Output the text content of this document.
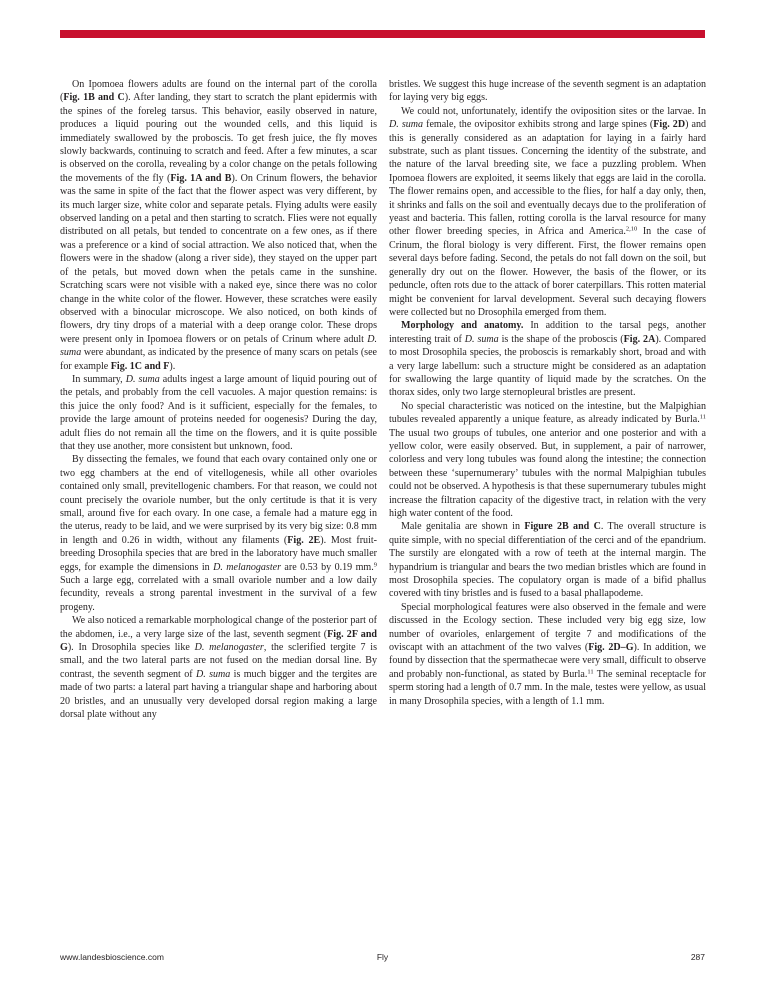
On Ipomoea flowers adults are found on the internal part of the corolla (Fig. 1B and C). After landing, they start to scratch the plant epidermis with the spines of the foreleg tarsus. This behavior, easily observed in nature, produces a liquid pouring out the wounded cells, and this liquid is immediately swallowed by the proboscis. To get fresh juice, the fly moves slowly backwards, continuing to scratch and feed. After a few minutes, a scar is observed on the corolla, revealing by a color change on the petals following the movements of the fly (Fig. 1A and B). On Crinum flowers, the behavior was the same in spite of the fact that the flower aspect was very different, by its much larger size, white color and separate petals. Flying adults were easily observed landing on a petal and then starting to scratch. Flies were not equally distributed on all petals, but tended to concentrate on a few ones, as if there was a preference or a kind of social attraction. We also noticed that, when the flowers were in the shadow (along a river side), they stayed on the upper part of the petals, but moved down when the petals came in the sunshine. Scratching scars were not visible with a naked eye, since there was no color change in the white color of the flower. However, these scratches were easily observed with a binocular microscope. We also noticed, on both kinds of flowers, dry tiny drops of a material with a deep orange color. These drops were present only in Ipomoea flowers or on petals of Crinum where adult D. suma were abundant, as indicated by the presence of many scars on petals (see for example Fig. 1C and F).

In summary, D. suma adults ingest a large amount of liquid pouring out of the petals, and probably from the cell vacuoles. A major question remains: is this juice the only food? And is it sufficient, especially for the females, to provide the large amount of proteins needed for oogenesis? During the day, adult flies do not remain all the time on the flowers, and it is quite possible that they use another, more consistent but unknown, food.

By dissecting the females, we found that each ovary contained only one or two egg chambers at the end of vitellogenesis, while all other ovarioles contained only small, previtellogenic chambers. For that reason, we could not count precisely the ovariole number, but the only certitude is that it is very small, around five for each ovary. In one case, a female had a mature egg in the uterus, ready to be laid, and we were surprised by its very big size: 0.8 mm in length and 0.26 in width, without any filaments (Fig. 2E). Most fruit-breeding Drosophila species that are bred in the laboratory have much smaller eggs, for example the dimensions in D. melanogaster are 0.53 by 0.19 mm.$^9$ Such a large egg, correlated with a small ovariole number and a low daily fecundity, reveals a strong parental investment in the survival of a few progeny.

We also noticed a remarkable morphological change of the posterior part of the abdomen, i.e., a very large size of the last, seventh segment (Fig. 2F and G). In Drosophila species like D. melanogaster, the sclerified tergite 7 is small, and the two lateral parts are not fused on the median dorsal line. By contrast, the seventh segment of D. suma is much bigger and the tergites are made of two parts: a lateral part having a triangular shape and harboring about 20 bristles, and an unusually very developed dorsal region making a large dorsal plate without any

bristles. We suggest this huge increase of the seventh segment is an adaptation for laying very big eggs.

We could not, unfortunately, identify the oviposition sites or the larvae. In D. suma female, the ovipositor exhibits strong and large spines (Fig. 2D) and this is generally considered as an adaptation for laying in a fairly hard substrate, such as plant tissues. Concerning the identity of the substrate, and the nature of the larval breeding site, we face a puzzling problem. When Ipomoea flowers are exploited, it seems likely that eggs are laid in the corolla. The flower remains open, and accessible to the flies, for half a day only, then, it shrinks and falls on the soil and eventually decays due to the proliferation of yeast and bacteria. This fallen, rotting corolla is the larval resource for many other flower breeding species, in Africa and America.$^{2,10}$ In the case of Crinum, the floral biology is very different. First, the flower remains open several days before fading. Second, the petals do not fall down on the soil, but generally dry out on the flower. However, the basis of the flower, or its peduncle, often rots due to the attack of borer caterpillars. This rotten material might be convenient for larval development. Several such decaying flowers were collected but no Drosophila emerged from them.

Morphology and anatomy. In addition to the tarsal pegs, another interesting trait of D. suma is the shape of the proboscis (Fig. 2A). Compared to most Drosophila species, the proboscis is remarkably short, broad and with a very large labellum: such a structure might be considered as an adaptation for swallowing the large quantity of liquid made by the scratches. On the thorax sides, only two large sternopleural bristles are present.

No special characteristic was noticed on the intestine, but the Malpighian tubules revealed apparently a unique feature, as already indicated by Burla.$^{11}$ The usual two groups of tubules, one anterior and one posterior and with a yellow color, were easily observed. But, in supplement, a pair of narrower, colorless and very long tubules was found along the intestine; the connection between these ‘supernumerary’ tubules with the normal Malpighian tubules could not be observed. A hypothesis is that these supernumerary tubules might increase the filtration capacity of the digestive tract, in relation with the very high water content of the food.

Male genitalia are shown in Figure 2B and C. The overall structure is quite simple, with no special differentiation of the cerci and of the epandrium. The surstily are elongated with a row of teeth at the internal margin. The hypandrium is triangular and bears the two median bristles which are found in most Drosophila species. The copulatory organ is made of a bifid phallus covered with tiny bristles and is fused to a basal phallapodeme.

Special morphological features were also observed in the female and were discussed in the Ecology section. These included very big egg size, low number of ovarioles, enlargement of tergite 7 and modifications of the oviscapt with an attachment of the two valves (Fig. 2D–G). In addition, we found by dissection that the spermathecae were very small, difficult to observe and probably non-functional, as stated by Burla.$^{11}$ The seminal receptacle for sperm storing had a length of 0.7 mm. In the male, testes were yellow, as usual in many Drosophila species, with a length of 1.1 mm.

www.landesbioscience.com	Fly	287
